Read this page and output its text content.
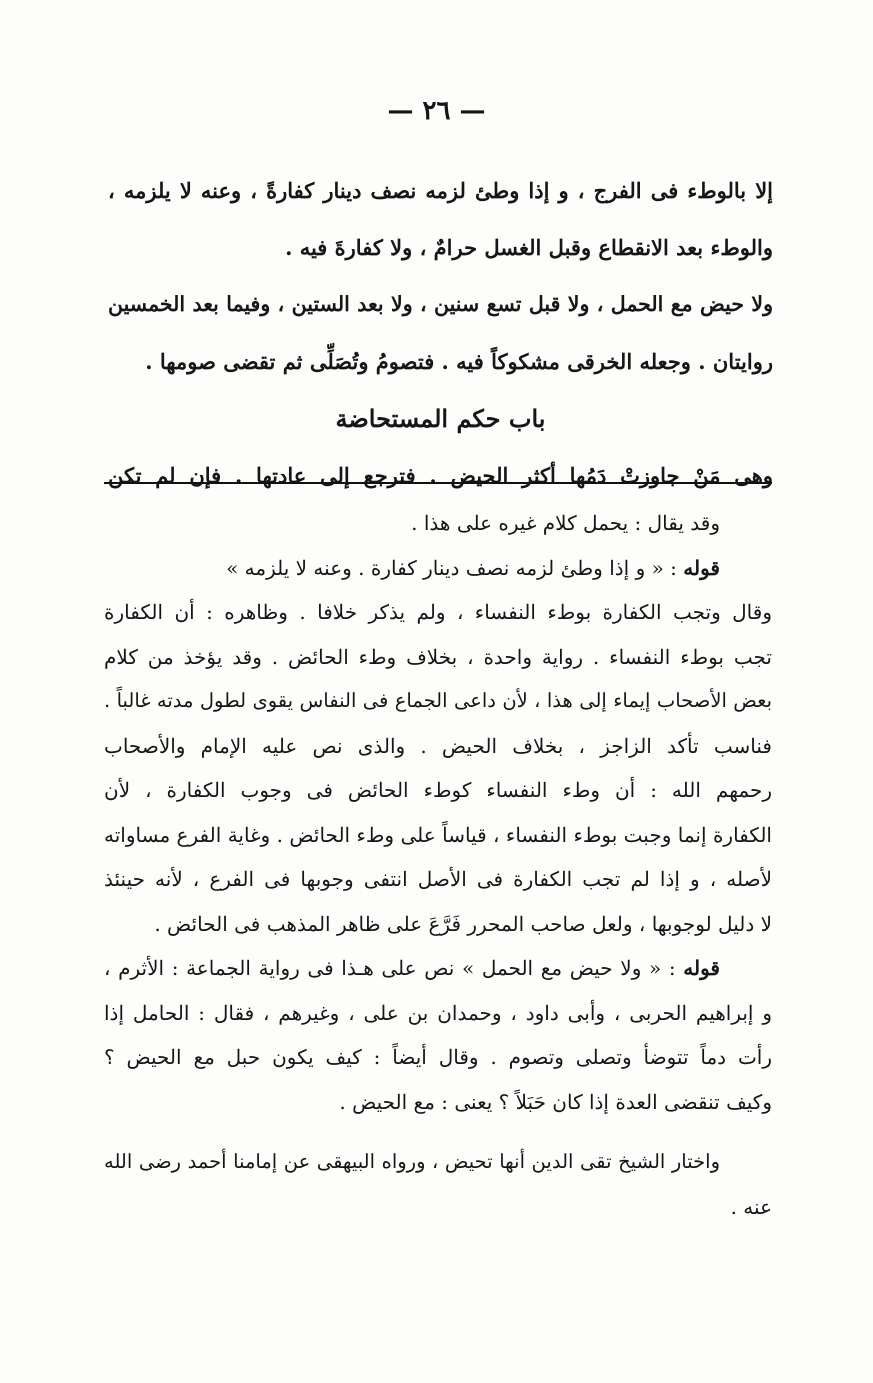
— ٢٦ —

إلا بالوطء فى الفرج ، و إذا وطئ لزمه نصف دينار كفارةً ، وعنه لا يلزمه ،

والوطء بعد الانقطاع وقبل الغسل حرامٌ ، ولا كفارةَ فيه .

ولا حيض مع الحمل ، ولا قبل تسع سنين ، ولا بعد الستين ، وفيما بعد الخمسين

روايتان . وجعله الخرقى مشكوكاً فيه . فتصومُ وتُصَلِّى ثم تقضى صومها .

باب حكم المستحاضة

وهى مَنْ جاوزتْ دَمُها أكثر الحيض . فترجع إلى عادتها . فإن لم تكن

وقد يقال : يحمل كلام غيره على هذا .

قوله : « و إذا وطئ لزمه نصف دينار كفارة . وعنه لا يلزمه »

وقال وتجب الكفارة بوطء النفساء ، ولم يذكر خلافا . وظاهره : أن الكفارة

تجب بوطء النفساء . رواية واحدة ، بخلاف وطء الحائض . وقد يؤخذ من كلام

بعض الأصحاب إيماء إلى هذا ، لأن داعى الجماع فى النفاس يقوى لطول مدته غالباً .

فناسب تأكد الزاجز ، بخلاف الحيض . والذى نص عليه الإمام والأصحاب

رحمهم الله : أن وطء النفساء كوطء الحائض فى وجوب الكفارة ، لأن

الكفارة إنما وجبت بوطء النفساء ، قياساً على وطء الحائض . وغاية الفرع مساواته

لأصله ، و إذا لم تجب الكفارة فى الأصل انتفى وجوبها فى الفرع ، لأنه حينئذ

لا دليل لوجوبها ، ولعل صاحب المحرر فَرَّعَ على ظاهر المذهب فى الحائض .

قوله : « ولا حيض مع الحمل » نص على هـذا فى رواية الجماعة : الأثرم ،

و إبراهيم الحربى ، وأبى داود ، وحمدان بن على ، وغيرهم ، فقال : الحامل إذا

رأت دماً تتوضأ وتصلى وتصوم . وقال أيضاً : كيف يكون حبل مع الحيض ؟

وكيف تنقضى العدة إذا كان حَبَلاً ؟ يعنى : مع الحيض .

واختار الشيخ تقى الدين أنها تحيض ، ورواه البيهقى عن إمامنا أحمد رضى الله

عنه .
